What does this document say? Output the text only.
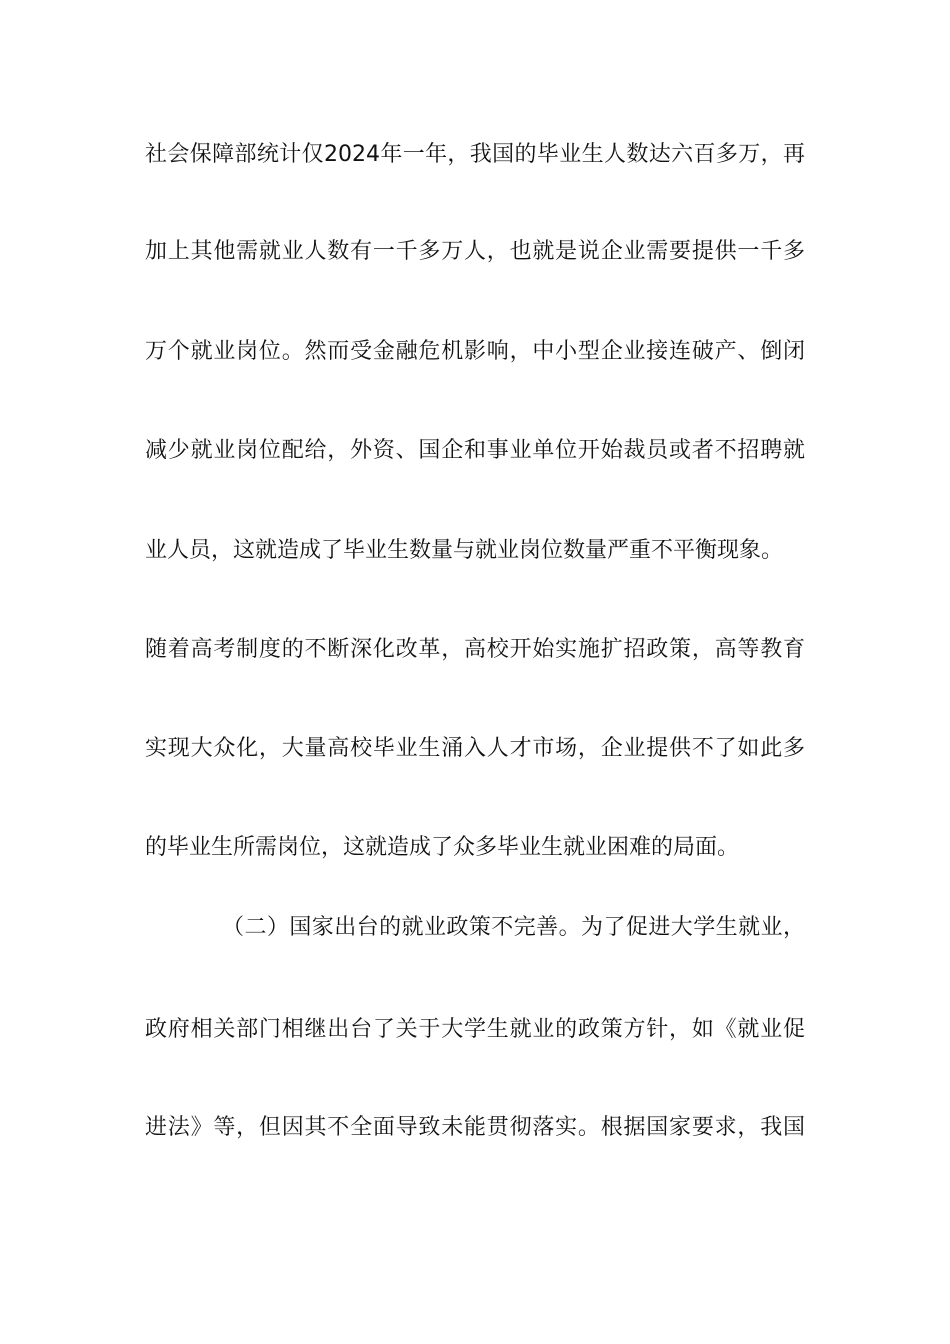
社会保障部统计仅2024年一年，我国的毕业生人数达六百多万，再
加上其他需就业人数有一千多万人，也就是说企业需要提供一千多
万个就业岗位。然而受金融危机影响，中小型企业接连破产、倒闭
减少就业岗位配给，外资、国企和事业单位开始裁员或者不招聘就
业人员，这就造成了毕业生数量与就业岗位数量严重不平衡现象。
随着高考制度的不断深化改革，高校开始实施扩招政策，高等教育
实现大众化，大量高校毕业生涌入人才市场，企业提供不了如此多
的毕业生所需岗位，这就造成了众多毕业生就业困难的局面。
（二）国家出台的就业政策不完善。为了促进大学生就业，
政府相关部门相继出台了关于大学生就业的政策方针，如《就业促
进法》等，但因其不全面导致未能贯彻落实。根据国家要求，我国
